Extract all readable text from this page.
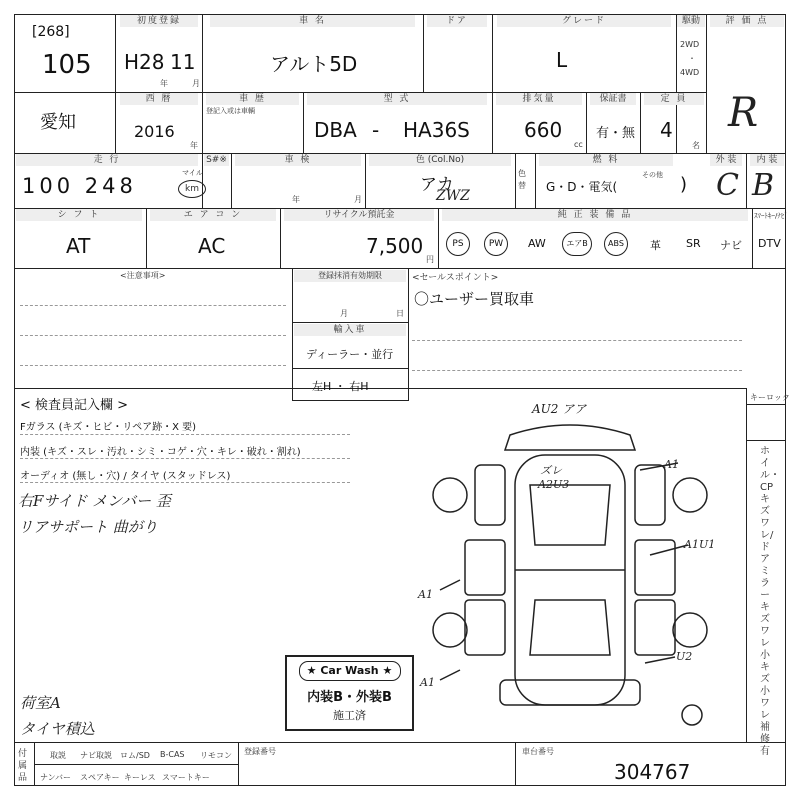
[268]
105
初度登録
H28 11
年	月
車 名
アルト5D
ドア	グレード
L
駆動
2WD
・
4WD
評 価 点
R
愛知
西 暦
2016
年
車 歴
登記入或は車輌
型 式
DBA - HA36S
排気量
660
cc
保証書
有・無
定 員
4
名
走 行
100 248
マイル
km
S#※	車 検
年	月
色 (Col.No)
アカ
ZWZ
色替
燃 料
G・D・電気(
その他 )
外 装
C
内 装
B
シ フ ト
AT
エ ア コ ン
AC
リサイクル預託金
7,500
円
純 正 装 備 品	ｽﾏｰﾄｷｰ/ﾅﾋﾞ
PS	PW	AW	エアB	ABS	革 SR ナビ DTV
<注意事項>	登録抹消有効期限
月	日
輸入車
ディーラー・並行
左H ・ 右H
<セールスポイント>
〇ユーザー買取車
キーロック
ホイル・CPキズワレ/ドアミラーキズワレ 小キズ小ワレ 補修有
< 検査員記入欄 >
Fガラス (キズ・ヒビ・リペア跡・X 要)
内装 (キズ・スレ・汚れ・シミ・コゲ・穴・キレ・破れ・割れ)
オーディオ (無し・穴) / タイヤ (スタッドレス)
右Fサイド メンバー 歪
リアサポート 曲がり
荷室A
タイヤ積込
AU2 アア
ズレ
A2U3
A1
A1U1
A1
A1
U2
★ Car Wash ★
内装B・外装B
施工済
付属品
取説 ナビ取説 ロム/SD B-CAS リモコン
ナンバー スペアキー キーレス スマートキー
登録番号	車台番号
304767
